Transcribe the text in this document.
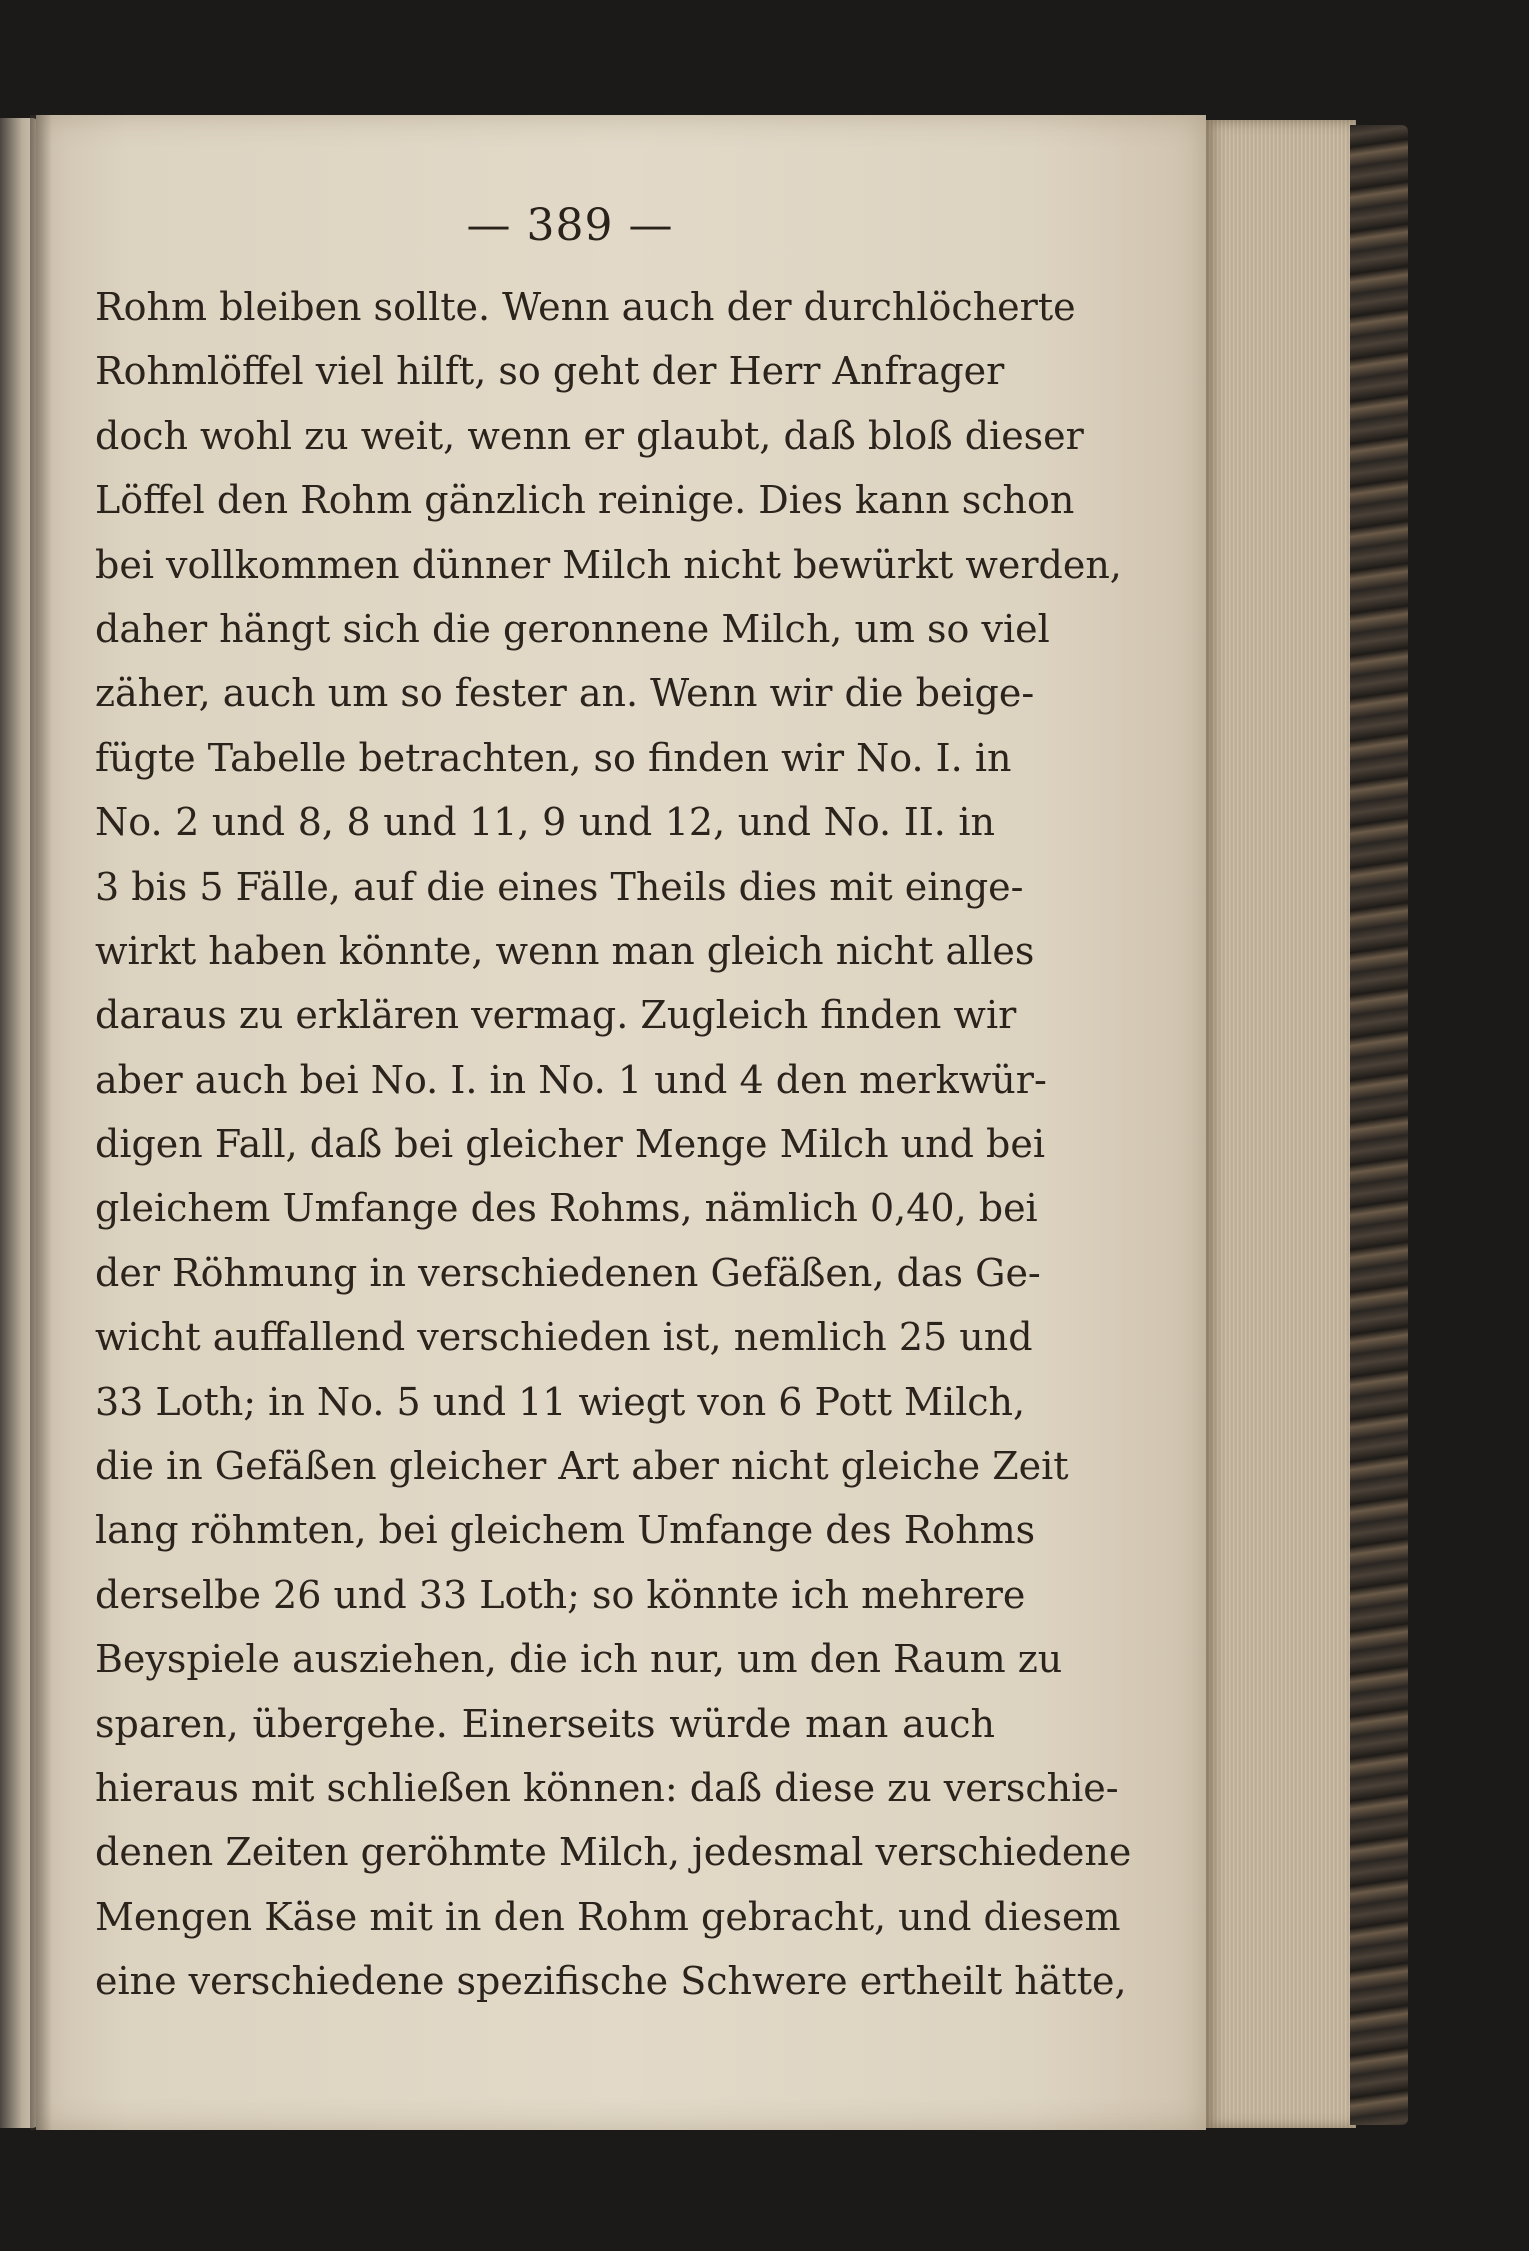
— 389 —
Rohm bleiben sollte. Wenn auch der durchlöcherte
Rohmlöffel viel hilft, so geht der Herr Anfrager
doch wohl zu weit, wenn er glaubt, daß bloß dieser
Löffel den Rohm gänzlich reinige. Dies kann schon
bei vollkommen dünner Milch nicht bewürkt werden,
daher hängt sich die geronnene Milch, um so viel
zäher, auch um so fester an. Wenn wir die beige-
fügte Tabelle betrachten, so finden wir No. I. in
No. 2 und 8, 8 und 11, 9 und 12, und No. II. in
3 bis 5 Fälle, auf die eines Theils dies mit einge-
wirkt haben könnte, wenn man gleich nicht alles
daraus zu erklären vermag. Zugleich finden wir
aber auch bei No. I. in No. 1 und 4 den merkwür-
digen Fall, daß bei gleicher Menge Milch und bei
gleichem Umfange des Rohms, nämlich 0,40, bei
der Röhmung in verschiedenen Gefäßen, das Ge-
wicht auffallend verschieden ist, nemlich 25 und
33 Loth; in No. 5 und 11 wiegt von 6 Pott Milch,
die in Gefäßen gleicher Art aber nicht gleiche Zeit
lang röhmten, bei gleichem Umfange des Rohms
derselbe 26 und 33 Loth; so könnte ich mehrere
Beyspiele ausziehen, die ich nur, um den Raum zu
sparen, übergehe. Einerseits würde man auch
hieraus mit schließen können: daß diese zu verschie-
denen Zeiten geröhmte Milch, jedesmal verschiedene
Mengen Käse mit in den Rohm gebracht, und diesem
eine verschiedene spezifische Schwere ertheilt hätte,
